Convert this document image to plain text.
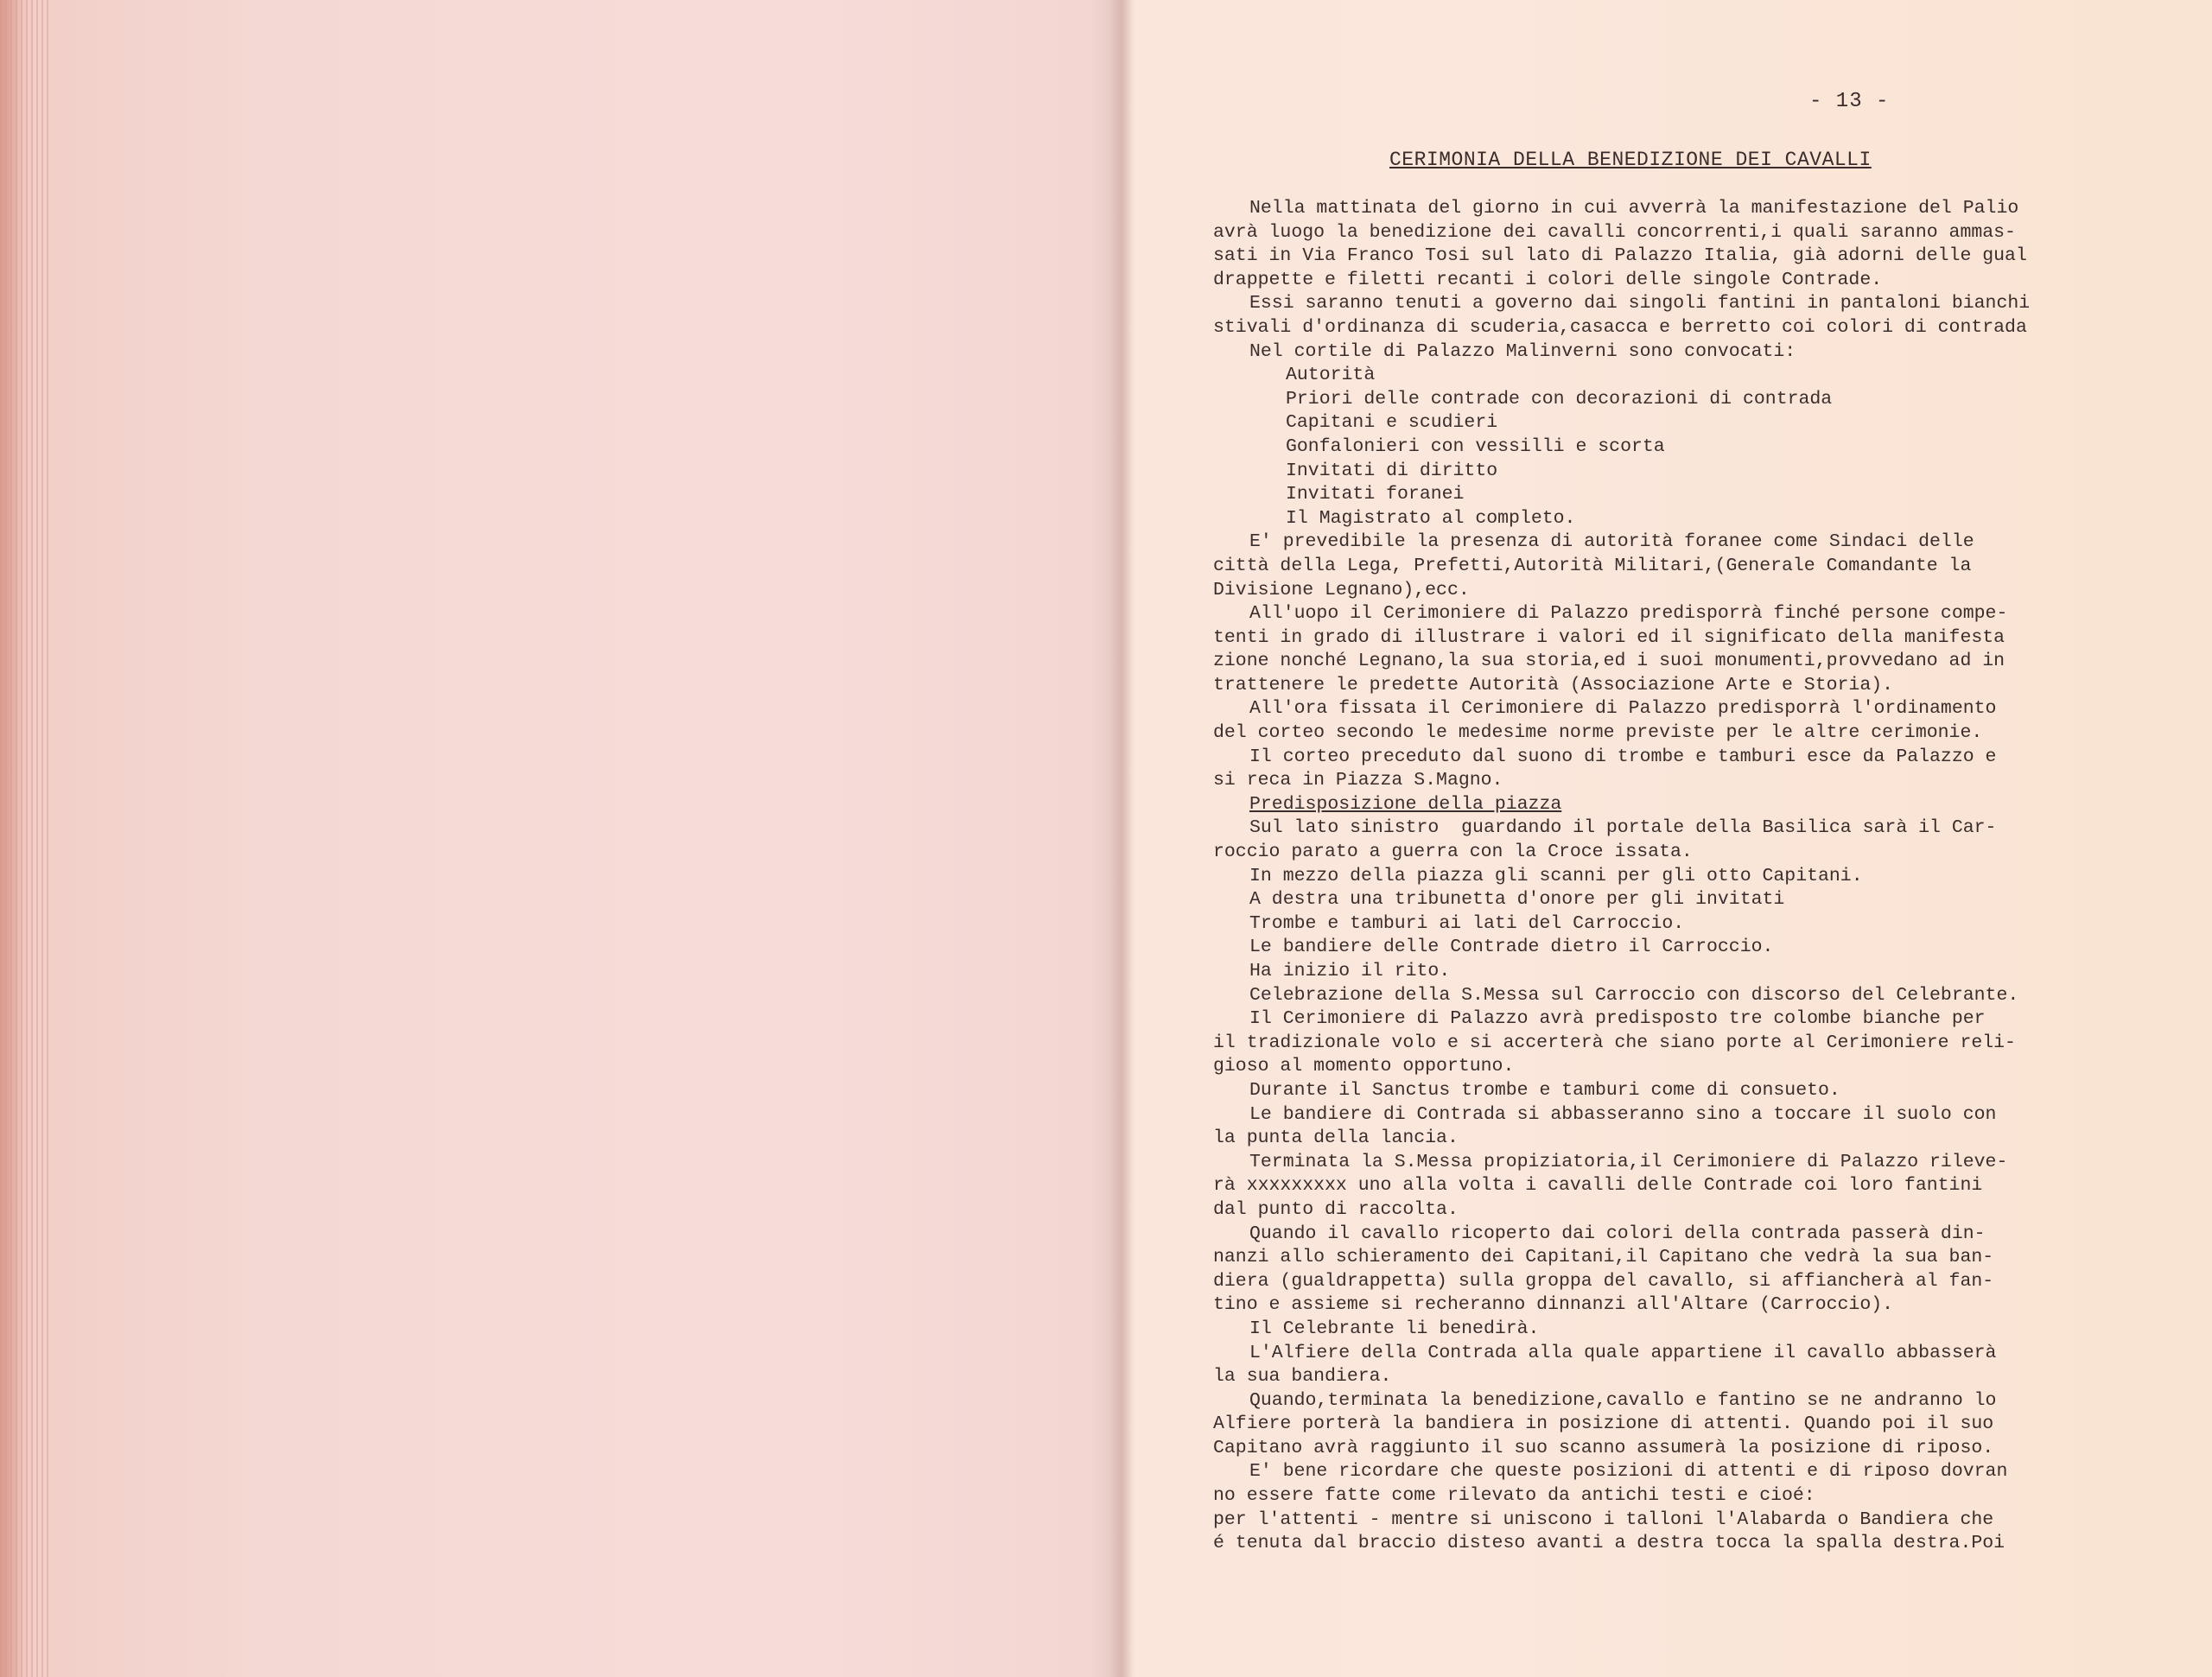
- 13 -
CERIMONIA DELLA BENEDIZIONE DEI CAVALLI
Nella mattinata del giorno in cui avverrà la manifestazione del Palio
avrà luogo la benedizione dei cavalli concorrenti,i quali saranno ammas-
sati in Via Franco Tosi sul lato di Palazzo Italia, già adorni delle gual
drappette e filetti recanti i colori delle singole Contrade.
Essi saranno tenuti a governo dai singoli fantini in pantaloni bianchi
stivali d'ordinanza di scuderia,casacca e berretto coi colori di contrada
Nel cortile di Palazzo Malinverni sono convocati:
Autorità
Priori delle contrade con decorazioni di contrada
Capitani e scudieri
Gonfalonieri con vessilli e scorta
Invitati di diritto
Invitati foranei
Il Magistrato al completo.
E' prevedibile la presenza di autorità foranee come Sindaci delle
città della Lega, Prefetti,Autorità Militari,(Generale Comandante la
Divisione Legnano),ecc.
All'uopo il Cerimoniere di Palazzo predisporrà finché persone compe-
tenti in grado di illustrare i valori ed il significato della manifesta
zione nonché Legnano,la sua storia,ed i suoi monumenti,provvedano ad in
trattenere le predette Autorità (Associazione Arte e Storia).
All'ora fissata il Cerimoniere di Palazzo predisporrà l'ordinamento
del corteo secondo le medesime norme previste per le altre cerimonie.
Il corteo preceduto dal suono di trombe e tamburi esce da Palazzo e
si reca in Piazza S.Magno.
Predisposizione della piazza
Sul lato sinistro  guardando il portale della Basilica sarà il Car-
roccio parato a guerra con la Croce issata.
In mezzo della piazza gli scanni per gli otto Capitani.
A destra una tribunetta d'onore per gli invitati
Trombe e tamburi ai lati del Carroccio.
Le bandiere delle Contrade dietro il Carroccio.
Ha inizio il rito.
Celebrazione della S.Messa sul Carroccio con discorso del Celebrante.
Il Cerimoniere di Palazzo avrà predisposto tre colombe bianche per
il tradizionale volo e si accerterà che siano porte al Cerimoniere reli-
gioso al momento opportuno.
Durante il Sanctus trombe e tamburi come di consueto.
Le bandiere di Contrada si abbasseranno sino a toccare il suolo con
la punta della lancia.
Terminata la S.Messa propiziatoria,il Cerimoniere di Palazzo rileve-
rà xxxxxxxxx uno alla volta i cavalli delle Contrade coi loro fantini
dal punto di raccolta.
Quando il cavallo ricoperto dai colori della contrada passerà din-
nanzi allo schieramento dei Capitani,il Capitano che vedrà la sua ban-
diera (gualdrappetta) sulla groppa del cavallo, si affiancherà al fan-
tino e assieme si recheranno dinnanzi all'Altare (Carroccio).
Il Celebrante li benedirà.
L'Alfiere della Contrada alla quale appartiene il cavallo abbasserà
la sua bandiera.
Quando,terminata la benedizione,cavallo e fantino se ne andranno lo
Alfiere porterà la bandiera in posizione di attenti. Quando poi il suo
Capitano avrà raggiunto il suo scanno assumerà la posizione di riposo.
E' bene ricordare che queste posizioni di attenti e di riposo dovran
no essere fatte come rilevato da antichi testi e cioé:
per l'attenti - mentre si uniscono i talloni l'Alabarda o Bandiera che
é tenuta dal braccio disteso avanti a destra tocca la spalla destra.Poi
